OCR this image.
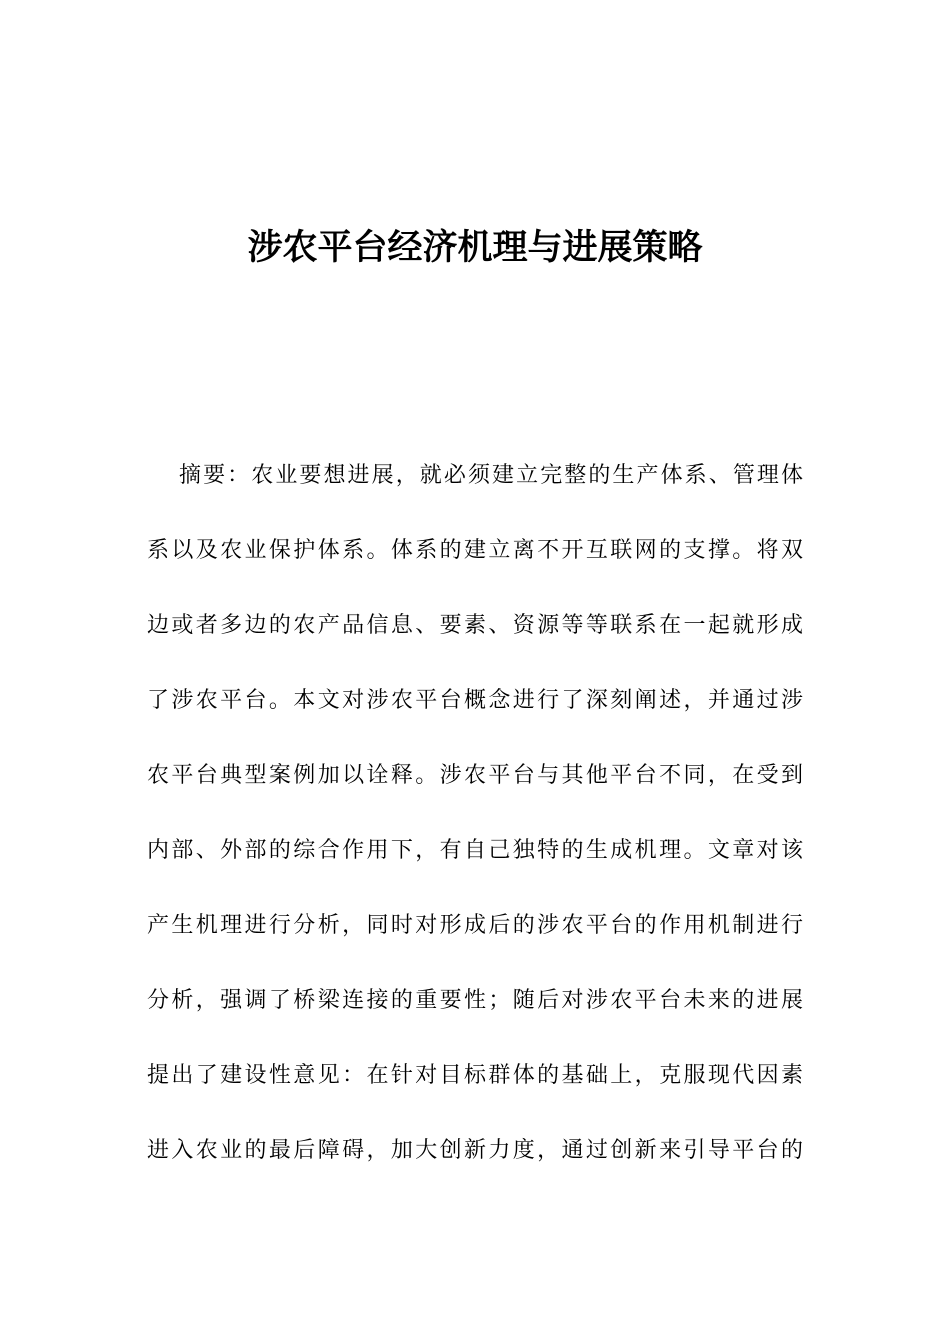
涉农平台经济机理与进展策略
摘要：农业要想进展，就必须建立完整的生产体系、管理体
系以及农业保护体系。体系的建立离不开互联网的支撑。将双
边或者多边的农产品信息、要素、资源等等联系在一起就形成
了涉农平台。本文对涉农平台概念进行了深刻阐述，并通过涉
农平台典型案例加以诠释。涉农平台与其他平台不同，在受到
内部、外部的综合作用下，有自己独特的生成机理。文章对该
产生机理进行分析，同时对形成后的涉农平台的作用机制进行
分析，强调了桥梁连接的重要性；随后对涉农平台未来的进展
提出了建设性意见：在针对目标群体的基础上，克服现代因素
进入农业的最后障碍，加大创新力度，通过创新来引导平台的
